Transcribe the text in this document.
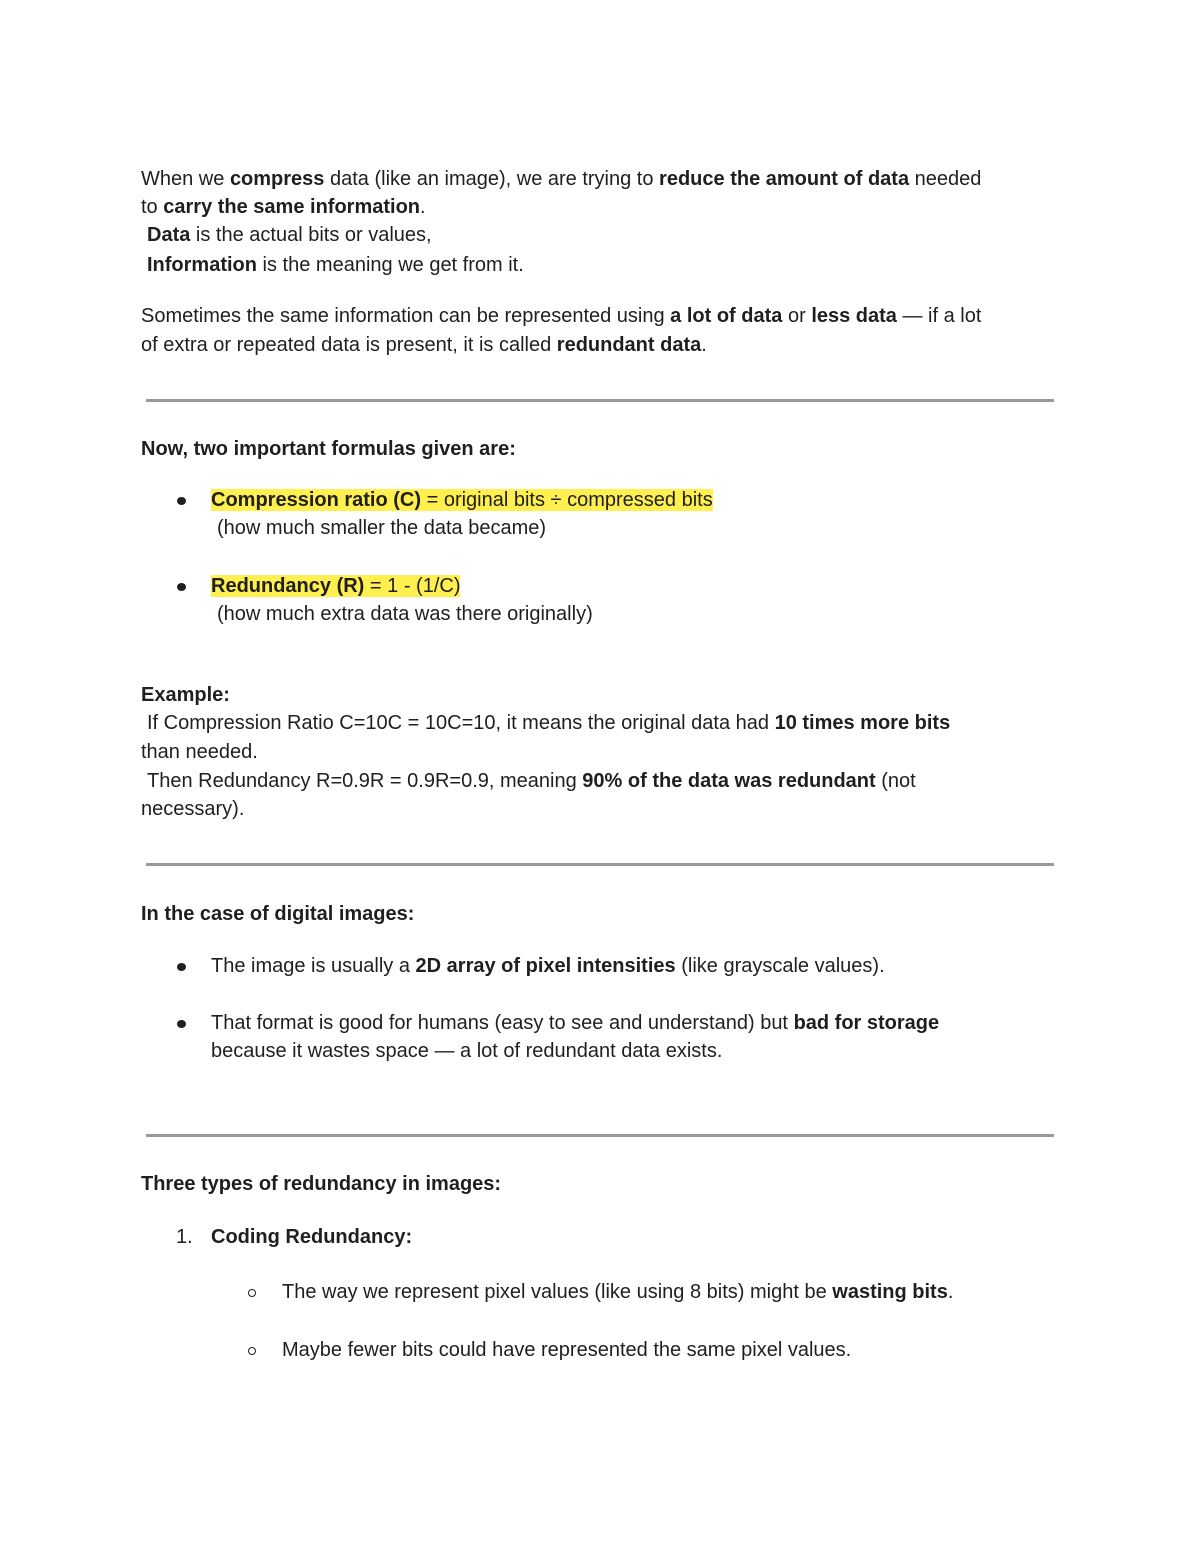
When we compress data (like an image), we are trying to reduce the amount of data needed
to carry the same information.
Data is the actual bits or values,
Information is the meaning we get from it.
Sometimes the same information can be represented using a lot of data or less data — if a lot
of extra or repeated data is present, it is called redundant data.
Now, two important formulas given are:
Compression ratio (C) = original bits ÷ compressed bits
(how much smaller the data became)
Redundancy (R) = 1 - (1/C)
(how much extra data was there originally)
Example:
If Compression Ratio C=10C = 10C=10, it means the original data had 10 times more bits
than needed.
Then Redundancy R=0.9R = 0.9R=0.9, meaning 90% of the data was redundant (not
necessary).
In the case of digital images:
The image is usually a 2D array of pixel intensities (like grayscale values).
That format is good for humans (easy to see and understand) but bad for storage
because it wastes space — a lot of redundant data exists.
Three types of redundancy in images:
1. Coding Redundancy:
The way we represent pixel values (like using 8 bits) might be wasting bits.
Maybe fewer bits could have represented the same pixel values.
